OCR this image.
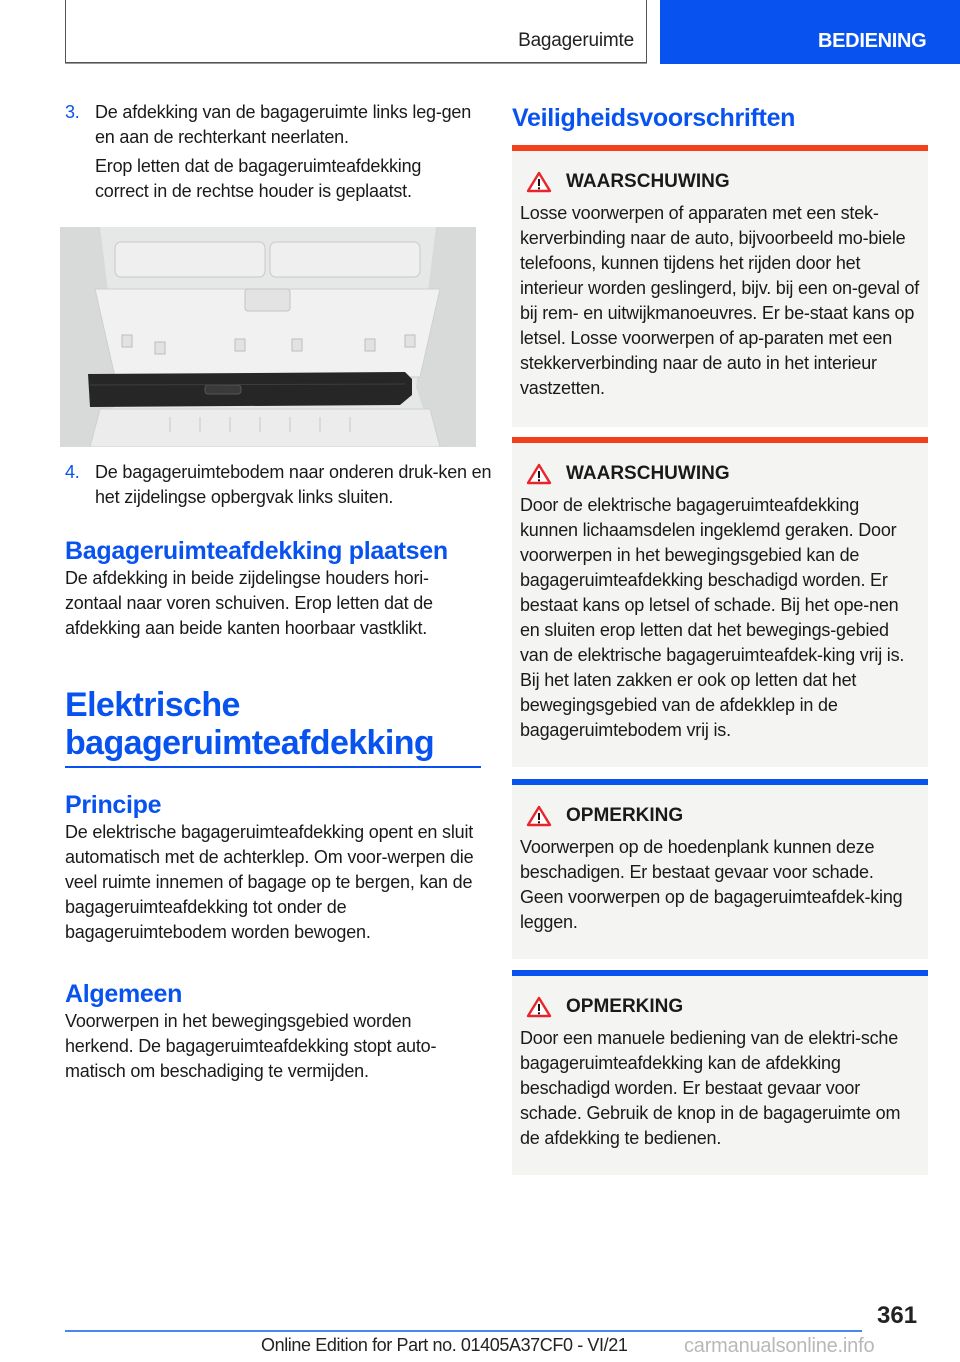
Bagageruimte	BEDIENING
3. De afdekking van de bagageruimte links leg-gen en aan de rechterkant neerlaten.

Erop letten dat de bagageruimteafdekking correct in de rechtse houder is geplaatst.

4. De bagageruimtebodem naar onderen druk-ken en het zijdelingse opbergvak links sluiten.

Bagageruimteafdekking plaatsen

De afdekking in beide zijdelingse houders hori-zontaal naar voren schuiven. Erop letten dat de afdekking aan beide kanten hoorbaar vastklikt.

Elektrische
bagageruimteafdekking
Principe

De elektrische bagageruimteafdekking opent en sluit automatisch met de achterklep. Om voor-werpen die veel ruimte innemen of bagage op te bergen, kan de bagageruimteafdekking tot onder de bagageruimtebodem worden bewogen.

Algemeen

Voorwerpen in het bewegingsgebied worden herkend. De bagageruimteafdekking stopt auto-matisch om beschadiging te vermijden.

Veiligheidsvoorschriften
WAARSCHUWING
Losse voorwerpen of apparaten met een stek-kerverbinding naar de auto, bijvoorbeeld mo-biele telefoons, kunnen tijdens het rijden door het interieur worden geslingerd, bijv. bij een on-geval of bij rem- en uitwijkmanoeuvres. Er be-staat kans op letsel. Losse voorwerpen of ap-paraten met een stekkerverbinding naar de auto in het interieur vastzetten.
WAARSCHUWING
Door de elektrische bagageruimteafdekking kunnen lichaamsdelen ingeklemd geraken. Door voorwerpen in het bewegingsgebied kan de bagageruimteafdekking beschadigd worden. Er bestaat kans op letsel of schade. Bij het ope-nen en sluiten erop letten dat het bewegings-gebied van de elektrische bagageruimteafdek-king vrij is. Bij het laten zakken er ook op letten dat het bewegingsgebied van de afdekklep in de bagageruimtebodem vrij is.
OPMERKING
Voorwerpen op de hoedenplank kunnen deze beschadigen. Er bestaat gevaar voor schade. Geen voorwerpen op de bagageruimteafdek-king leggen.
OPMERKING
Door een manuele bediening van de elektri-sche bagageruimteafdekking kan de afdekking beschadigd worden. Er bestaat gevaar voor schade. Gebruik de knop in de bagageruimte om de afdekking te bedienen.
361
Online Edition for Part no. 01405A37CF0 - VI/21	carmanualsonline.info
